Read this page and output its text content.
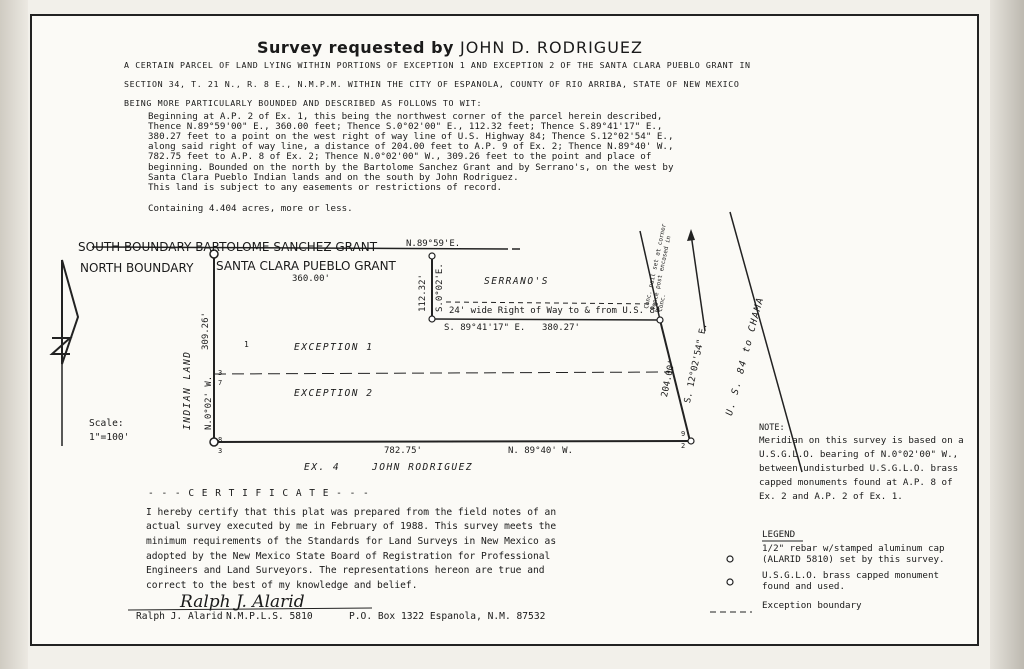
Survey requested by JOHN D. RODRIGUEZ
A CERTAIN PARCEL OF LAND LYING WITHIN PORTIONS OF EXCEPTION 1 AND EXCEPTION 2 OF THE SANTA CLARA PUEBLO GRANT IN
SECTION 34, T. 21 N., R. 8 E., N.M.P.M. WITHIN THE CITY OF ESPANOLA, COUNTY OF RIO ARRIBA, STATE OF NEW MEXICO
BEING MORE PARTICULARLY BOUNDED AND DESCRIBED AS FOLLOWS TO WIT:
Beginning at A.P. 2 of Ex. 1, this being the northwest corner of the parcel herein described,
Thence N.89°59'00" E., 360.00 feet; Thence S.0°02'00" E., 112.32 feet; Thence S.89°41'17" E.,
380.27 feet to a point on the west right of way line of U.S. Highway 84; Thence S.12°02'54" E.,
along said right of way line, a distance of 204.00 feet to A.P. 9 of Ex. 2; Thence N.89°40' W.,
782.75 feet to A.P. 8 of Ex. 2; Thence N.0°02'00" W., 309.26 feet to the point and place of
beginning. Bounded on the north by the Bartolome Sanchez Grant and by Serrano's, on the west by
Santa Clara Pueblo Indian lands and on the south by John Rodriguez.
This land is subject to any easements or restrictions of record.
Containing 4.404 acres, more or less.
SOUTH BOUNDARY BARTOLOME SANCHEZ GRANT
NORTH BOUNDARY SANTA CLARA PUEBLO GRANT
N.89°59'E.
360.00'	112.32' S.0°02'E.	SERRANO'S
24' wide Right of Way to & from U.S. 84
S. 89°41'17" E. 380.27'
Conc. nail set at corner fence post encased in conc.
EXCEPTION 1
EXCEPTION 2
309.26'
N.0°02' W.
INDIAN LAND	204.00' S. 12°02'54" E. U. S. 84 to CHAMA
782.75'	N. 89°40' W.
EX. 4	JOHN RODRIGUEZ
3
7
8
3
9
2
1
Scale:
1"=100'
NOTE:
Meridian on this survey is based on a
U.S.G.L.O. bearing of N.0°02'00" W.,
between undisturbed U.S.G.L.O. brass
capped monuments found at A.P. 8 of
Ex. 2 and A.P. 2 of Ex. 1.
LEGEND
1/2" rebar w/stamped aluminum cap
(ALARID 5810) set by this survey.
U.S.G.L.O. brass capped monument
found and used.
Exception boundary
- - - C E R T I F I C A T E - - -
I hereby certify that this plat was prepared from the field notes of an
actual survey executed by me in February of 1988. This survey meets the
minimum requirements of the Standards for Land Surveys in New Mexico as
adopted by the New Mexico State Board of Registration for Professional
Engineers and Land Surveyors. The representations hereon are true and
correct to the best of my knowledge and belief.
Ralph J. Alarid
Ralph J. Alarid N.M.P.L.S. 5810	P.O. Box 1322 Espanola, N.M. 87532
